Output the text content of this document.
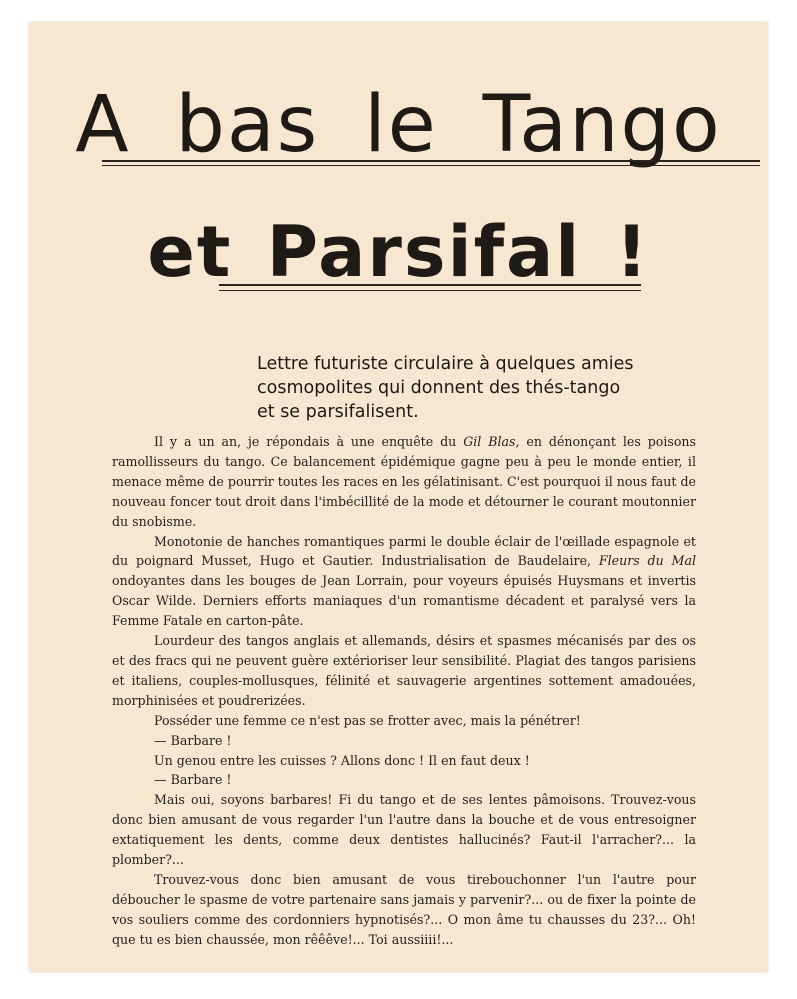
A bas le Tango
et Parsifal !

Lettre futuriste circulaire à quelques amies cosmopolites qui donnent des thés-tango et se parsifalisent.

Il y a un an, je répondais à une enquête du Gil Blas, en dénonçant les poisons ramollisseurs du tango. Ce balancement épidémique gagne peu à peu le monde entier, il menace même de pourrir toutes les races en les gélatinisant. C'est pourquoi il nous faut de nouveau foncer tout droit dans l'imbécillité de la mode et détourner le courant moutonnier du snobisme.

Monotonie de hanches romantiques parmi le double éclair de l'œillade espagnole et du poignard Musset, Hugo et Gautier. Industrialisation de Baudelaire, Fleurs du Mal ondoyantes dans les bouges de Jean Lorrain, pour voyeurs épuisés Huysmans et invertis Oscar Wilde. Derniers efforts maniaques d'un romantisme décadent et paralysé vers la Femme Fatale en carton-pâte.

Lourdeur des tangos anglais et allemands, désirs et spasmes mécanisés par des os et des fracs qui ne peuvent guère extérioriser leur sensibilité. Plagiat des tangos parisiens et italiens, couples-mollusques, félinité et sauvagerie argentines sottement amadouées, morphinisées et poudrerizées.

Posséder une femme ce n'est pas se frotter avec, mais la pénétrer!

— Barbare !

Un genou entre les cuisses ? Allons donc ! Il en faut deux !

— Barbare !

Mais oui, soyons barbares! Fi du tango et de ses lentes pâmoisons. Trouvez-vous donc bien amusant de vous regarder l'un l'autre dans la bouche et de vous entresoigner extatiquement les dents, comme deux dentistes hallucinés? Faut-il l'arracher?... la plomber?...

Trouvez-vous donc bien amusant de vous tirebouchonner l'un l'autre pour déboucher le spasme de votre partenaire sans jamais y parvenir?... ou de fixer la pointe de vos souliers comme des cordonniers hypnotisés?... O mon âme tu chausses du 23?... Oh! que tu es bien chaussée, mon rêêêve!... Toi aussiiii!...
